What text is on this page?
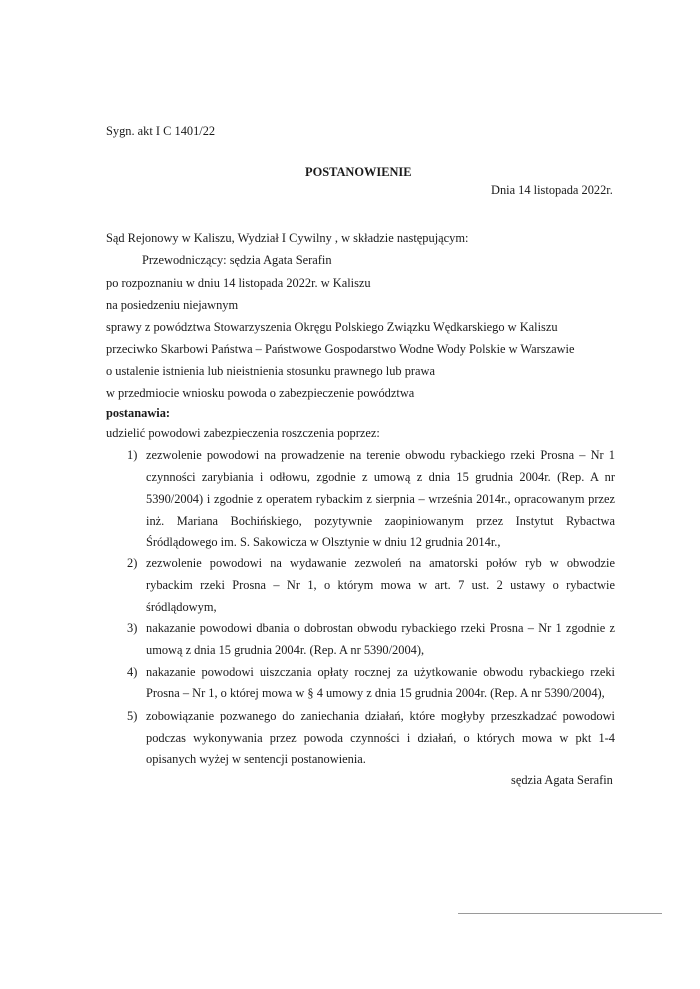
Sygn. akt I C 1401/22
POSTANOWIENIE
Dnia 14 listopada 2022r.
Sąd Rejonowy w Kaliszu, Wydział I Cywilny , w składzie następującym:
Przewodniczący: sędzia Agata Serafin
po rozpoznaniu w dniu 14 listopada 2022r. w Kaliszu
na posiedzeniu niejawnym
sprawy z powództwa Stowarzyszenia Okręgu Polskiego Związku Wędkarskiego w Kaliszu
przeciwko Skarbowi Państwa – Państwowe Gospodarstwo Wodne Wody Polskie w Warszawie
o ustalenie istnienia lub nieistnienia stosunku prawnego lub prawa
w przedmiocie wniosku powoda o zabezpieczenie powództwa
postanawia:
udzielić powodowi zabezpieczenia roszczenia poprzez:
1) zezwolenie powodowi na prowadzenie na terenie obwodu rybackiego rzeki Prosna – Nr 1
czynności zarybiania i odłowu, zgodnie z umową z dnia 15 grudnia 2004r. (Rep. A nr
5390/2004) i zgodnie z operatem rybackim z sierpnia – września 2014r., opracowanym przez
inż. Mariana Bochińskiego, pozytywnie zaopiniowanym przez Instytut Rybactwa
Śródlądowego im. S. Sakowicza w Olsztynie w dniu 12 grudnia 2014r.,
2) zezwolenie powodowi na wydawanie zezwoleń na amatorski połów ryb w obwodzie
rybackim rzeki Prosna – Nr 1, o którym mowa w art. 7 ust. 2 ustawy o rybactwie
śródlądowym,
3) nakazanie powodowi dbania o dobrostan obwodu rybackiego rzeki Prosna – Nr 1 zgodnie z
umową z dnia 15 grudnia 2004r. (Rep. A nr 5390/2004),
4) nakazanie powodowi uiszczania opłaty rocznej za użytkowanie obwodu rybackiego rzeki
Prosna – Nr 1, o której mowa w § 4 umowy z dnia 15 grudnia 2004r. (Rep. A nr 5390/2004),
5) zobowiązanie pozwanego do zaniechania działań, które mogłyby przeszkadzać powodowi
podczas wykonywania przez powoda czynności i działań, o których mowa w pkt 1-4
opisanych wyżej w sentencji postanowienia.
sędzia Agata Serafin
